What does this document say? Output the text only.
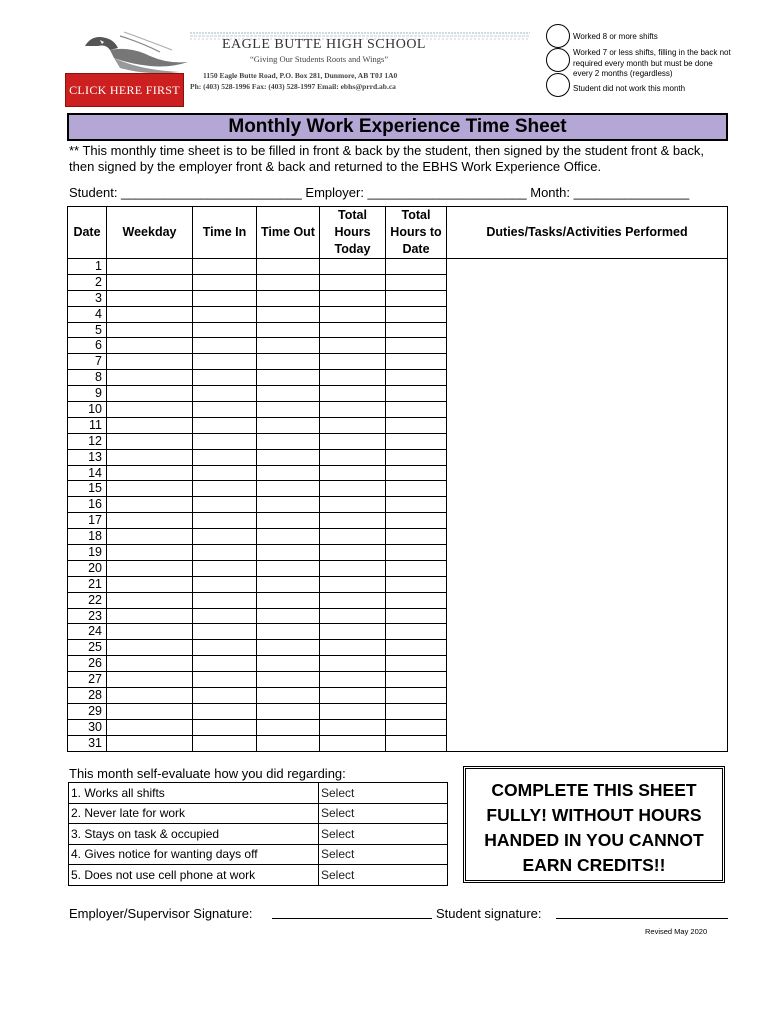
EAGLE BUTTE HIGH SCHOOL
“Giving Our Students Roots and Wings”
1150 Eagle Butte Road, P.O. Box 281, Dunmore, AB T0J 1A0
Ph: (403) 528-1996 Fax: (403) 528-1997 Email: ebhs@prrd.ab.ca
CLICK HERE FIRST
Worked 8 or more shifts
Worked 7 or less shifts, filling in the back not required every month but must be done every 2 months (regardless)
Student did not work this month
Monthly Work Experience Time Sheet
** This monthly time sheet is to be filled in front & back by the student, then signed by the student front & back, then signed by the employer front & back and returned to the EBHS Work Experience Office.
Student: _________________________ Employer: ______________________ Month: ________________
Date	Weekday	Time In	Time Out	Total Hours Today	Total Hours to Date	Duties/Tasks/Activities Performed
1						
2						
3						
4						
5						
6						
7						
8						
9						
10						
11						
12						
13						
14						
15						
16						
17						
18						
19						
20						
21						
22						
23						
24						
25						
26						
27						
28						
29						
30						
31						
This month self-evaluate how you did regarding:
1. Works all shifts	Select
2. Never late for work	Select
3. Stays on task & occupied	Select
4. Gives notice for wanting days off	Select
5. Does not use cell phone at work	Select
COMPLETE THIS SHEET FULLY! WITHOUT HOURS HANDED IN YOU CANNOT EARN CREDITS!!
Employer/Supervisor Signature:	Student signature:
Revised May 2020
